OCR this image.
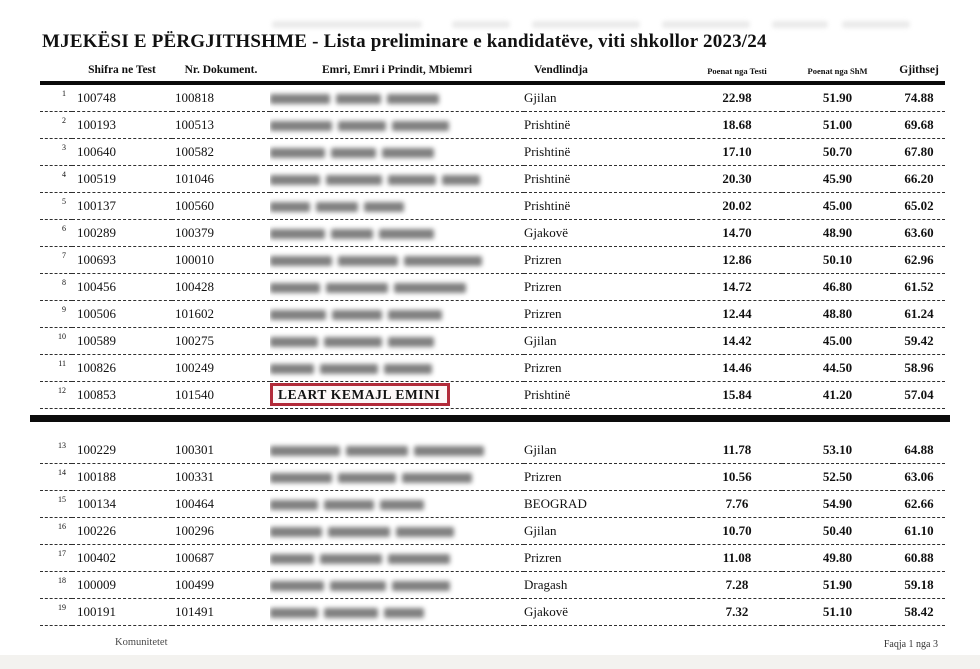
MJEKËSI E PËRGJITHSHME - Lista preliminare e kandidatëve, viti shkollor 2023/24
	Shifra ne Test	Nr. Dokument.	Emri, Emri i Prindit, Mbiemri	Vendlindja	Poenat nga Testi	Poenat nga ShM	Gjithsej
$^1$	100748	100818		Gjilan	22.98	51.90	74.88
$^2$	100193	100513		Prishtinë	18.68	51.00	69.68
$^3$	100640	100582		Prishtinë	17.10	50.70	67.80
$^4$	100519	101046		Prishtinë	20.30	45.90	66.20
$^5$	100137	100560		Prishtinë	20.02	45.00	65.02
$^6$	100289	100379		Gjakovë	14.70	48.90	63.60
$^7$	100693	100010		Prizren	12.86	50.10	62.96
$^8$	100456	100428		Prizren	14.72	46.80	61.52
$^9$	100506	101602		Prizren	12.44	48.80	61.24
$^{10}$	100589	100275		Gjilan	14.42	45.00	59.42
$^{11}$	100826	100249		Prizren	14.46	44.50	58.96
$^{12}$	100853	101540	LEART KEMAJL EMINI	Prishtinë	15.84	41.20	57.04
$^{13}$	100229	100301		Gjilan	11.78	53.10	64.88
$^{14}$	100188	100331		Prizren	10.56	52.50	63.06
$^{15}$	100134	100464		BEOGRAD	7.76	54.90	62.66
$^{16}$	100226	100296		Gjilan	10.70	50.40	61.10
$^{17}$	100402	100687		Prizren	11.08	49.80	60.88
$^{18}$	100009	100499		Dragash	7.28	51.90	59.18
$^{19}$	100191	101491		Gjakovë	7.32	51.10	58.42
Komunitetet	Faqja 1 nga 3
